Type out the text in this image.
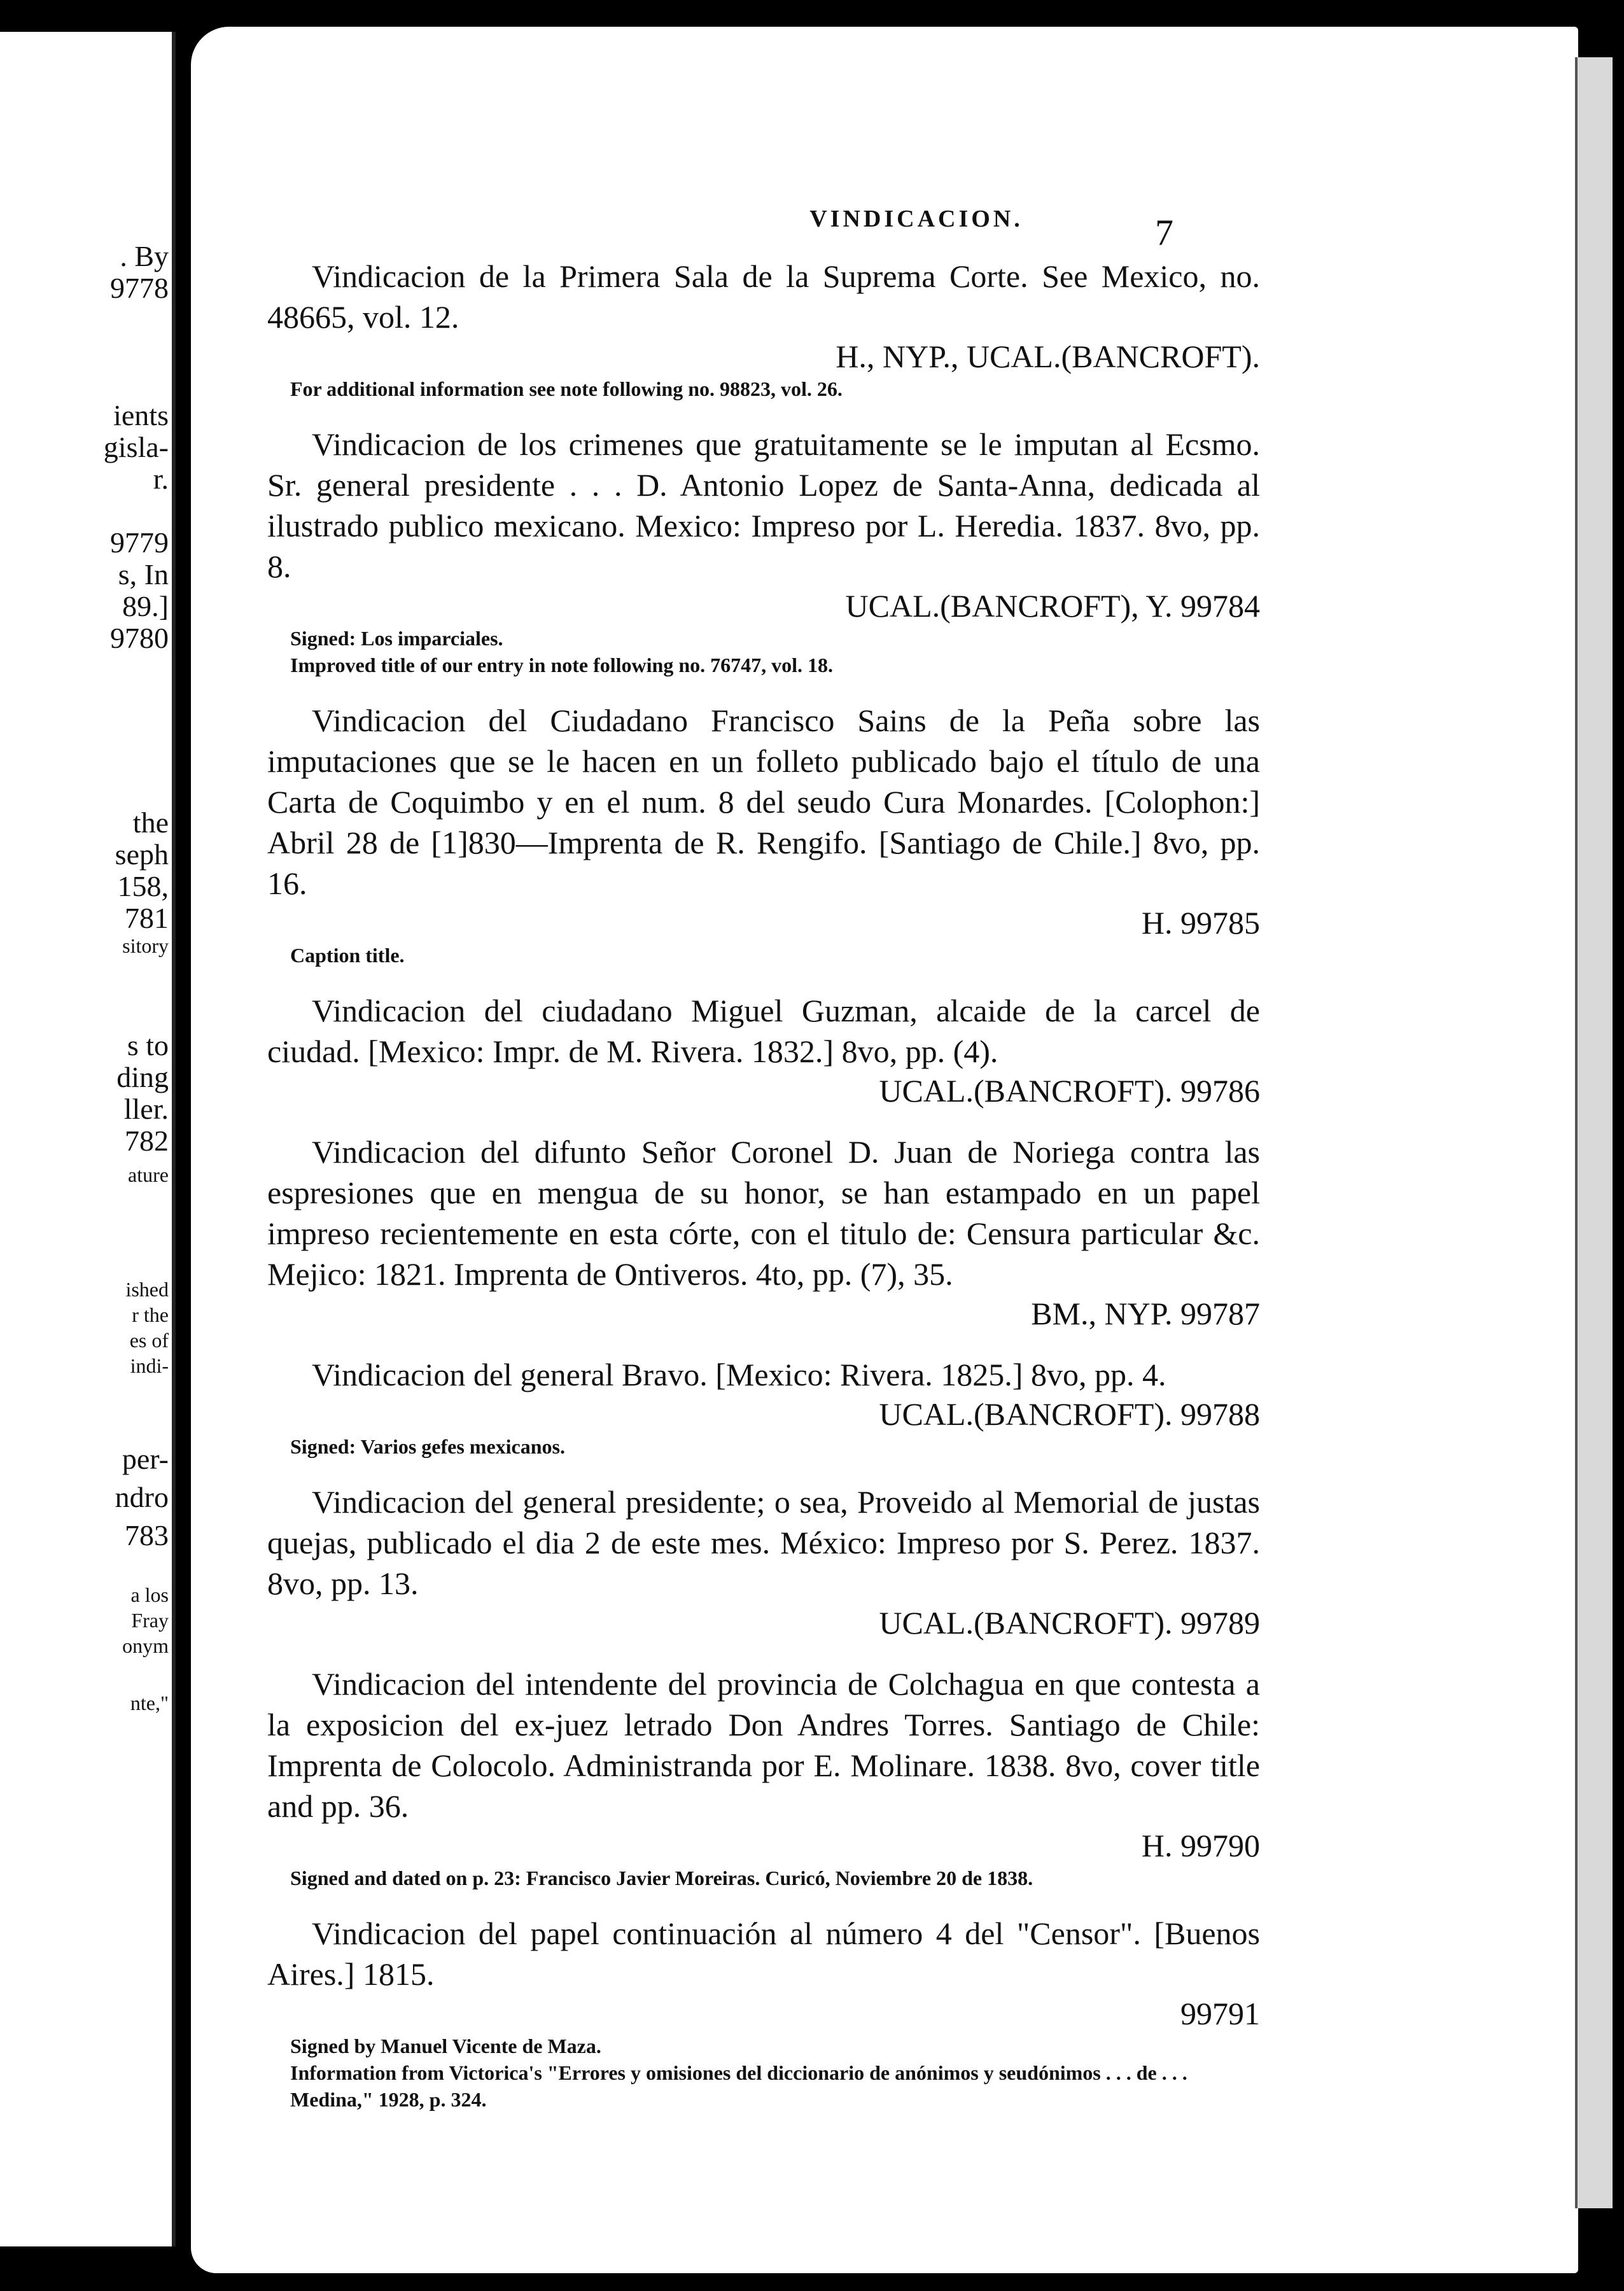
. By
9778
ients
gisla-
r.
9779
s, In
89.]
9780
the
seph
158,
781
sitory
s to
ding
ller.
782
ature
ished
r the
es of
indi-
per-
ndro
783
a los
Fray
onym
nte,"
VINDICACION.	7
Vindicacion de la Primera Sala de la Suprema Corte. See Mexico, no. 48665, vol. 12.
H., NYP., UCAL.(BANCROFT).
For additional information see note following no. 98823, vol. 26.
Vindicacion de los crimenes que gratuitamente se le imputan al Ecsmo. Sr. general presidente . . . D. Antonio Lopez de Santa-Anna, dedicada al ilustrado publico mexicano. Mexico: Impreso por L. Heredia. 1837. 8vo, pp. 8.
UCAL.(BANCROFT), Y. 99784
Signed: Los imparciales.
Improved title of our entry in note following no. 76747, vol. 18.
Vindicacion del Ciudadano Francisco Sains de la Peña sobre las imputaciones que se le hacen en un folleto publicado bajo el título de una Carta de Coquimbo y en el num. 8 del seudo Cura Monardes. [Colophon:] Abril 28 de [1]830—Imprenta de R. Rengifo. [Santiago de Chile.] 8vo, pp. 16.
H. 99785
Caption title.
Vindicacion del ciudadano Miguel Guzman, alcaide de la carcel de ciudad. [Mexico: Impr. de M. Rivera. 1832.] 8vo, pp. (4).
UCAL.(BANCROFT). 99786
Vindicacion del difunto Señor Coronel D. Juan de Noriega contra las espresiones que en mengua de su honor, se han estampado en un papel impreso recientemente en esta córte, con el titulo de: Censura particular &c. Mejico: 1821. Imprenta de Ontiveros. 4to, pp. (7), 35.
BM., NYP. 99787
Vindicacion del general Bravo. [Mexico: Rivera. 1825.] 8vo, pp. 4.
UCAL.(BANCROFT). 99788
Signed: Varios gefes mexicanos.
Vindicacion del general presidente; o sea, Proveido al Memorial de justas quejas, publicado el dia 2 de este mes. México: Impreso por S. Perez. 1837. 8vo, pp. 13.
UCAL.(BANCROFT). 99789
Vindicacion del intendente del provincia de Colchagua en que contesta a la exposicion del ex-juez letrado Don Andres Torres. Santiago de Chile: Imprenta de Colocolo. Administranda por E. Molinare. 1838. 8vo, cover title and pp. 36.
H. 99790
Signed and dated on p. 23: Francisco Javier Moreiras. Curicó, Noviembre 20 de 1838.
Vindicacion del papel continuación al número 4 del "Censor". [Buenos Aires.] 1815.
99791
Signed by Manuel Vicente de Maza.
Information from Victorica's "Errores y omisiones del diccionario de anónimos y seudónimos . . . de . . . Medina," 1928, p. 324.
